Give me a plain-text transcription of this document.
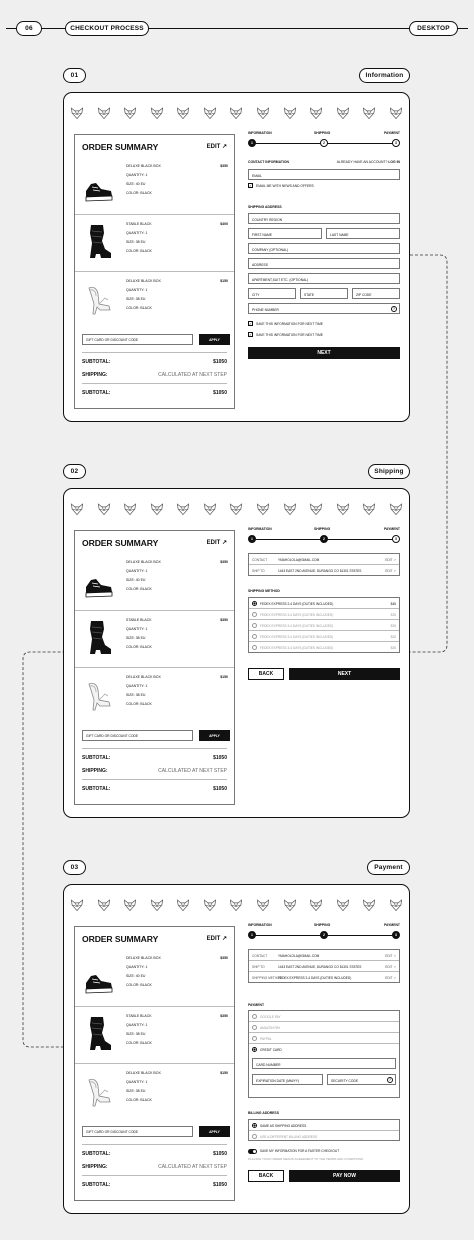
06	CHECKOUT PROCESS	DESKTOP
01	Information
02	Shipping
03	Payment
ORDER SUMMARY	EDIT ↗
DELUXE BLACK BOX
QUANTITY: 1
SIZE: 40 EU
COLOR: BLACK
$350
STABLE BLACK
QUANTITY: 1
SIZE: 38 EU
COLOR: BLACK
$400
DELUXE BLACK BOX
QUANTITY: 1
SIZE: 38 EU
COLOR: BLACK
$150
GIFT CARD OR DISCOUNT CODE	APPLY
SUBTOTAL:	$1050
SHIPPING:	CALCULATED AT NEXT STEP
SUBTOTAL:	$1050
INFORMATION	SHIPPING	PAYMENT
1	2	3
CONTACT INFORMATION	ALREADY HAVE AN ACCOUNT? LOG IN
EMAIL
✓ EMAIL ME WITH NEWS AND OFFERS
SHIPPING ADDRESS
COUNTRY REGION
FIRST NAME	LAST NAME
COMPANY (OPTIONAL)
ADDRESS
APARTMENT,SUIT ETC. (OPTIONAL)
CITY	STATE	ZIP CODE
PHONE NUMBER	?
✓ SAVE THIS INFORMATION FOR NEXT TIME
✓ SAVE THIS INFORMATION FOR NEXT TIME
NEXT
ORDER SUMMARY	EDIT ↗
DELUXE BLACK BOX
QUANTITY: 1
SIZE: 40 EU
COLOR: BLACK
$350
STABLE BLACK
QUANTITY: 1
SIZE: 38 EU
COLOR: BLACK
$350
DELUXE BLACK BOX
QUANTITY: 1
SIZE: 38 EU
COLOR: BLACK
$150
GIFT CARD OR DISCOUNT CODE	APPLY
SUBTOTAL:	$1050
SHIPPING:	CALCULATED AT NEXT STEP
SUBTOTAL:	$1050
INFORMATION	SHIPPING	PAYMENT
1	2	3
CONTACT	YMAHOLOLA@GMAIL.COM	EDIT ↗
SHIP TO	1443 EAST 2ND AVENUE, DURANGO CO 81301 STATES	EDIT ↗
SHIPPING METHOD
FEDEX EXPRESS 2-4 DAYS (DUTIES INCLUDED)	$45
FEDEX EXPRESS 3-4 DAYS (DUTIES INCLUDED)	$35
FEDEX EXPRESS 3-4 DAYS (DUTIES INCLUDED)	$35
FEDEX EXPRESS 3-4 DAYS (DUTIES INCLUDED)	$35
FEDEX EXPRESS 3-4 DAYS (DUTIES INCLUDED)	$35
BACK	NEXT
ORDER SUMMARY	EDIT ↗
DELUXE BLACK BOX
QUANTITY: 1
SIZE: 40 EU
COLOR: BLACK
$350
STABLE BLACK
QUANTITY: 1
SIZE: 38 EU
COLOR: BLACK
$350
DELUXE BLACK BOX
QUANTITY: 1
SIZE: 38 EU
COLOR: BLACK
$150
GIFT CARD OR DISCOUNT CODE	APPLY
SUBTOTAL:	$1050
SHIPPING:	CALCULATED AT NEXT STEP
SUBTOTAL:	$1050
INFORMATION	SHIPPING	PAYMENT
1	2	3
CONTACT	YMAHOLOLA@GMAIL.COM	EDIT ↗
SHIP TO	1443 EAST 2ND AVENUE, DURANGO CO 81301 STATES	EDIT ↗
SHIPPING METHOD
FEDEX EXPRESS 2-4 DAYS (DUTIES INCLUDED)	EDIT ↗
PAYMENT
GOOGLE PAY
AMAZON PAY
PAYPAL
CREDIT CARD
CARD NUMBER
EXPIRATION DATE (MM/YY)	SECURITY CODE	?
BILLING ADDRESS
SAME AS SHIPPING ADDRESS
USE A DIFFERENT BILLING ADDRESS
SAVE MY INFORMATION FOR A FASTER CHECKOUT
PLACING YOUR ORDER MEANS AGREEMENT TO THE TERMS AND CONDITIONS
BACK	PAY NOW
